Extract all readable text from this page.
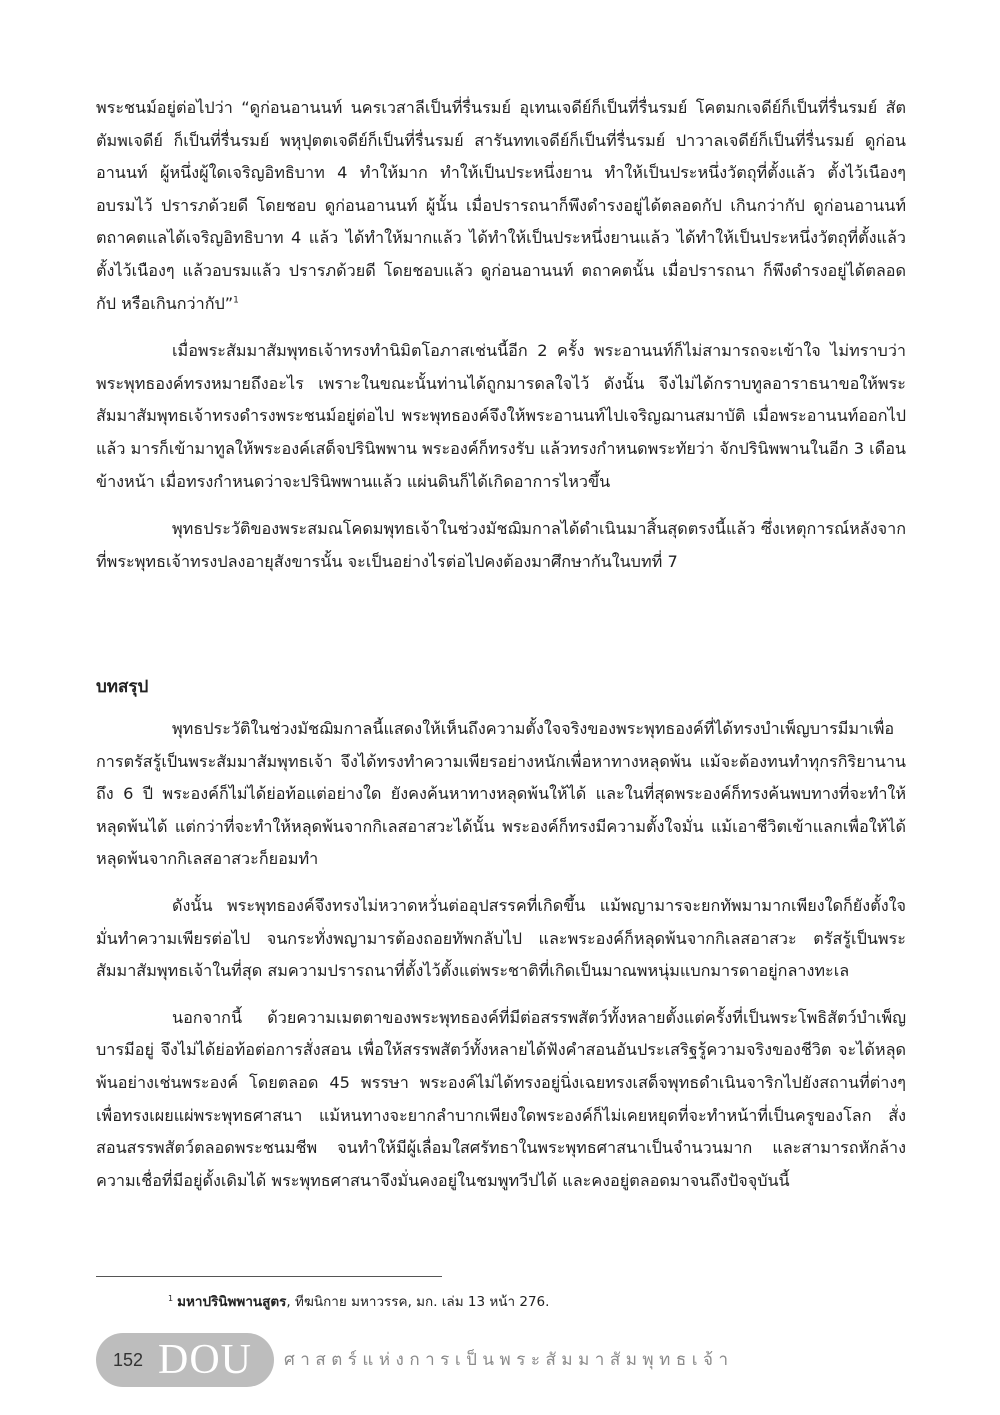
พระชนม์อยู่ต่อไปว่า “ดูก่อนอานนท์ นครเวสาลีเป็นที่รื่นรมย์ อุเทนเจดีย์ก็เป็นที่รื่นรมย์ โคตมกเจดีย์ก็เป็นที่รื่นรมย์ สัตตัมพเจดีย์ ก็เป็นที่รื่นรมย์ พหุปุตตเจดีย์ก็เป็นที่รื่นรมย์ สารันททเจดีย์ก็เป็นที่รื่นรมย์ ปาวาลเจดีย์ก็เป็นที่รื่นรมย์ ดูก่อนอานนท์ ผู้หนึ่งผู้ใดเจริญอิทธิบาท 4 ทำให้มาก ทำให้เป็นประหนึ่งยาน ทำให้เป็นประหนึ่งวัตถุที่ตั้งแล้ว ตั้งไว้เนืองๆ อบรมไว้ ปรารภด้วยดี โดยชอบ ดูก่อนอานนท์ ผู้นั้น เมื่อปรารถนาก็พึงดำรงอยู่ได้ตลอดกัป เกินกว่ากัป ดูก่อนอานนท์ ตถาคตแลได้เจริญอิทธิบาท 4 แล้ว ได้ทำให้มากแล้ว ได้ทำให้เป็นประหนึ่งยานแล้ว ได้ทำให้เป็นประหนึ่งวัตถุที่ตั้งแล้ว ตั้งไว้เนืองๆ แล้วอบรมแล้ว ปรารภด้วยดี โดยชอบแล้ว ดูก่อนอานนท์ ตถาคตนั้น เมื่อปรารถนา ก็พึงดำรงอยู่ได้ตลอดกัป หรือเกินกว่ากัป”$^1$

เมื่อพระสัมมาสัมพุทธเจ้าทรงทำนิมิตโอภาสเช่นนี้อีก 2 ครั้ง พระอานนท์ก็ไม่สามารถจะเข้าใจ ไม่ทราบว่าพระพุทธองค์ทรงหมายถึงอะไร เพราะในขณะนั้นท่านได้ถูกมารดลใจไว้ ดังนั้น จึงไม่ได้กราบทูลอาราธนาขอให้พระสัมมาสัมพุทธเจ้าทรงดำรงพระชนม์อยู่ต่อไป พระพุทธองค์จึงให้พระอานนท์ไปเจริญฌานสมาบัติ เมื่อพระอานนท์ออกไปแล้ว มารก็เข้ามาทูลให้พระองค์เสด็จปรินิพพาน พระองค์ก็ทรงรับ แล้วทรงกำหนดพระทัยว่า จักปรินิพพานในอีก 3 เดือนข้างหน้า เมื่อทรงกำหนดว่าจะปรินิพพานแล้ว แผ่นดินก็ได้เกิดอาการไหวขึ้น

พุทธประวัติของพระสมณโคดมพุทธเจ้าในช่วงมัชฌิมกาลได้ดำเนินมาสิ้นสุดตรงนี้แล้ว ซึ่งเหตุการณ์หลังจากที่พระพุทธเจ้าทรงปลงอายุสังขารนั้น จะเป็นอย่างไรต่อไปคงต้องมาศึกษากันในบทที่ 7

บทสรุป

พุทธประวัติในช่วงมัชฌิมกาลนี้แสดงให้เห็นถึงความตั้งใจจริงของพระพุทธองค์ที่ได้ทรงบำเพ็ญบารมีมาเพื่อการตรัสรู้เป็นพระสัมมาสัมพุทธเจ้า จึงได้ทรงทำความเพียรอย่างหนักเพื่อหาทางหลุดพ้น แม้จะต้องทนทำทุกรกิริยานานถึง 6 ปี พระองค์ก็ไม่ได้ย่อท้อแต่อย่างใด ยังคงค้นหาทางหลุดพ้นให้ได้ และในที่สุดพระองค์ก็ทรงค้นพบทางที่จะทำให้หลุดพ้นได้ แต่กว่าที่จะทำให้หลุดพ้นจากกิเลสอาสวะได้นั้น พระองค์ก็ทรงมีความตั้งใจมั่น แม้เอาชีวิตเข้าแลกเพื่อให้ได้หลุดพ้นจากกิเลสอาสวะก็ยอมทำ

ดังนั้น พระพุทธองค์จึงทรงไม่หวาดหวั่นต่ออุปสรรคที่เกิดขึ้น แม้พญามารจะยกทัพมามากเพียงใดก็ยังตั้งใจมั่นทำความเพียรต่อไป จนกระทั่งพญามารต้องถอยทัพกลับไป และพระองค์ก็หลุดพ้นจากกิเลสอาสวะ ตรัสรู้เป็นพระสัมมาสัมพุทธเจ้าในที่สุด สมความปรารถนาที่ตั้งไว้ตั้งแต่พระชาติที่เกิดเป็นมาณพหนุ่มแบกมารดาอยู่กลางทะเล

นอกจากนี้ ด้วยความเมตตาของพระพุทธองค์ที่มีต่อสรรพสัตว์ทั้งหลายตั้งแต่ครั้งที่เป็นพระโพธิสัตว์บำเพ็ญบารมีอยู่ จึงไม่ได้ย่อท้อต่อการสั่งสอน เพื่อให้สรรพสัตว์ทั้งหลายได้ฟังคำสอนอันประเสริฐรู้ความจริงของชีวิต จะได้หลุดพ้นอย่างเช่นพระองค์ โดยตลอด 45 พรรษา พระองค์ไม่ได้ทรงอยู่นิ่งเฉยทรงเสด็จพุทธดำเนินจาริกไปยังสถานที่ต่างๆ เพื่อทรงเผยแผ่พระพุทธศาสนา แม้หนทางจะยากลำบากเพียงใดพระองค์ก็ไม่เคยหยุดที่จะทำหน้าที่เป็นครูของโลก สั่งสอนสรรพสัตว์ตลอดพระชนมชีพ จนทำให้มีผู้เลื่อมใสศรัทธาในพระพุทธศาสนาเป็นจำนวนมาก และสามารถหักล้างความเชื่อที่มีอยู่ดั้งเดิมได้ พระพุทธศาสนาจึงมั่นคงอยู่ในชมพูทวีปได้ และคงอยู่ตลอดมาจนถึงปัจจุบันนี้

$^1$ มหาปรินิพพานสูตร, ทีฆนิกาย มหาวรรค, มก. เล่ม 13 หน้า 276.
152 DOU ศาสตร์แห่งการเป็นพระสัมมาสัมพุทธเจ้า
